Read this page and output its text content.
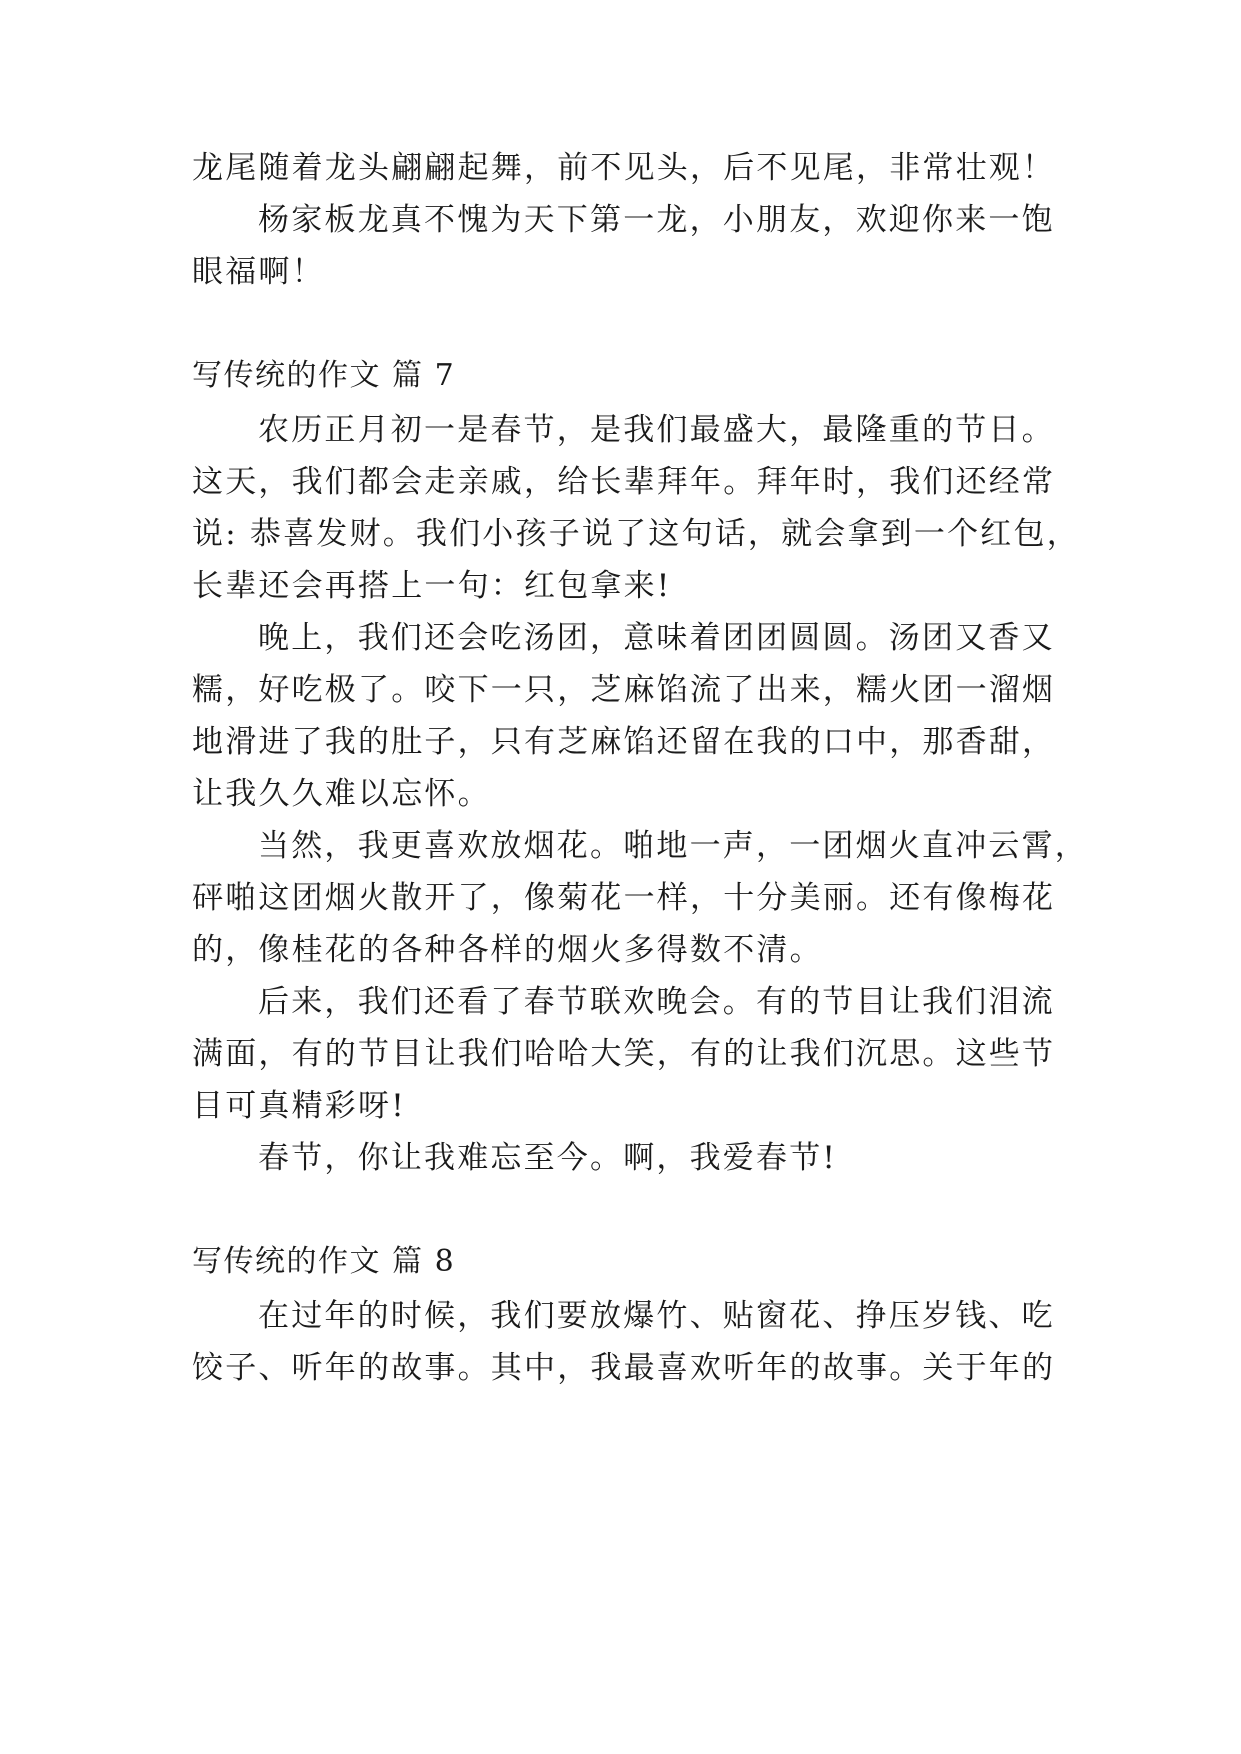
龙尾随着龙头翩翩起舞，前不见头，后不见尾，非常壮观！
杨家板龙真不愧为天下第一龙，小朋友，欢迎你来一饱
眼福啊！
写传统的作文 篇 7
农历正月初一是春节，是我们最盛大，最隆重的节日。
这天，我们都会走亲戚，给长辈拜年。拜年时，我们还经常
说: 恭喜发财。我们小孩子说了这句话，就会拿到一个红包，
长辈还会再搭上一句：红包拿来!
晚上，我们还会吃汤团，意味着团团圆圆。汤团又香又
糯，好吃极了。咬下一只，芝麻馅流了出来，糯火团一溜烟
地滑进了我的肚子，只有芝麻馅还留在我的口中，那香甜，
让我久久难以忘怀。
当然，我更喜欢放烟花。啪地一声，一团烟火直冲云霄，
砰啪这团烟火散开了，像菊花一样，十分美丽。还有像梅花
的，像桂花的各种各样的烟火多得数不清。
后来，我们还看了春节联欢晚会。有的节目让我们泪流
满面，有的节目让我们哈哈大笑，有的让我们沉思。这些节
目可真精彩呀!
春节，你让我难忘至今。啊，我爱春节!
写传统的作文 篇 8
在过年的时候，我们要放爆竹、贴窗花、挣压岁钱、吃
饺子、听年的故事。其中，我最喜欢听年的故事。关于年的
